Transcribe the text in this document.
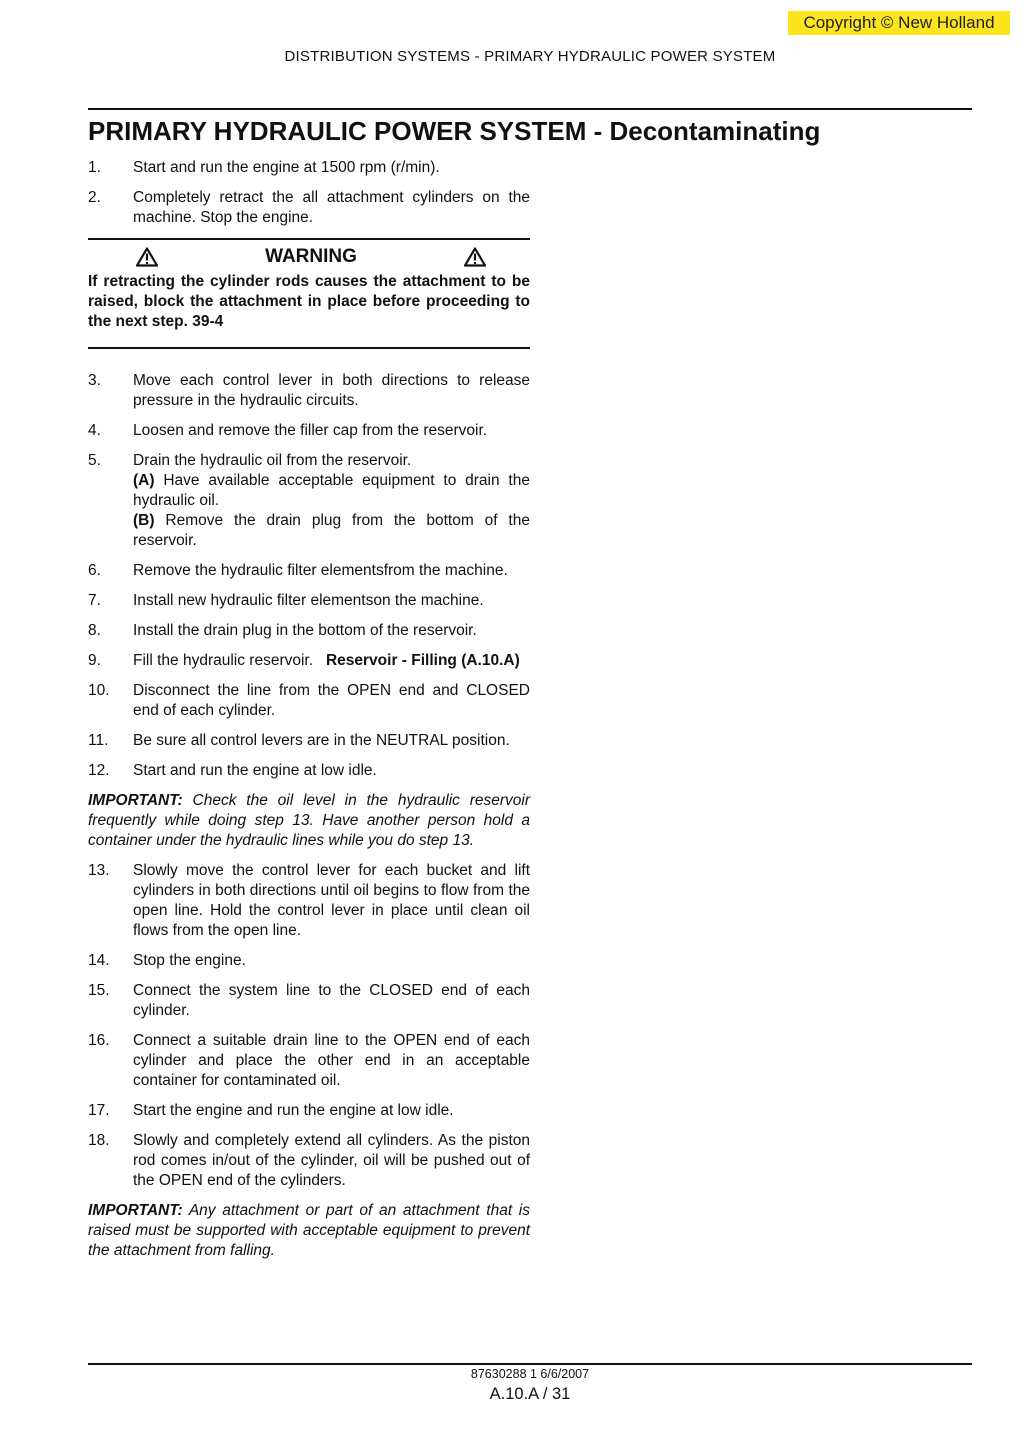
Copyright © New Holland
DISTRIBUTION SYSTEMS - PRIMARY HYDRAULIC POWER SYSTEM
PRIMARY HYDRAULIC POWER SYSTEM - Decontaminating
1.	Start and run the engine at 1500 rpm (r/min).
2.	Completely retract the all attachment cylinders on the machine. Stop the engine.
WARNING
If retracting the cylinder rods causes the attachment to be raised, block the attachment in place before proceeding to the next step. 39-4
3.	Move each control lever in both directions to release pressure in the hydraulic circuits.
4.	Loosen and remove the filler cap from the reservoir.
5.	Drain the hydraulic oil from the reservoir.
(A) Have available acceptable equipment to drain the hydraulic oil.
(B) Remove the drain plug from the bottom of the reservoir.
6.	Remove the hydraulic filter elementsfrom the machine.
7.	Install new hydraulic filter elementson the machine.
8.	Install the drain plug in the bottom of the reservoir.
9.	Fill the hydraulic reservoir. Reservoir - Filling (A.10.A)
10.	Disconnect the line from the OPEN end and CLOSED end of each cylinder.
11.	Be sure all control levers are in the NEUTRAL position.
12.	Start and run the engine at low idle.
IMPORTANT: Check the oil level in the hydraulic reservoir frequently while doing step 13. Have another person hold a container under the hydraulic lines while you do step 13.
13.	Slowly move the control lever for each bucket and lift cylinders in both directions until oil begins to flow from the open line. Hold the control lever in place until clean oil flows from the open line.
14.	Stop the engine.
15.	Connect the system line to the CLOSED end of each cylinder.
16.	Connect a suitable drain line to the OPEN end of each cylinder and place the other end in an acceptable container for contaminated oil.
17.	Start the engine and run the engine at low idle.
18.	Slowly and completely extend all cylinders. As the piston rod comes in/out of the cylinder, oil will be pushed out of the OPEN end of the cylinders.
IMPORTANT: Any attachment or part of an attachment that is raised must be supported with acceptable equipment to prevent the attachment from falling.
87630288 1 6/6/2007
A.10.A / 31
